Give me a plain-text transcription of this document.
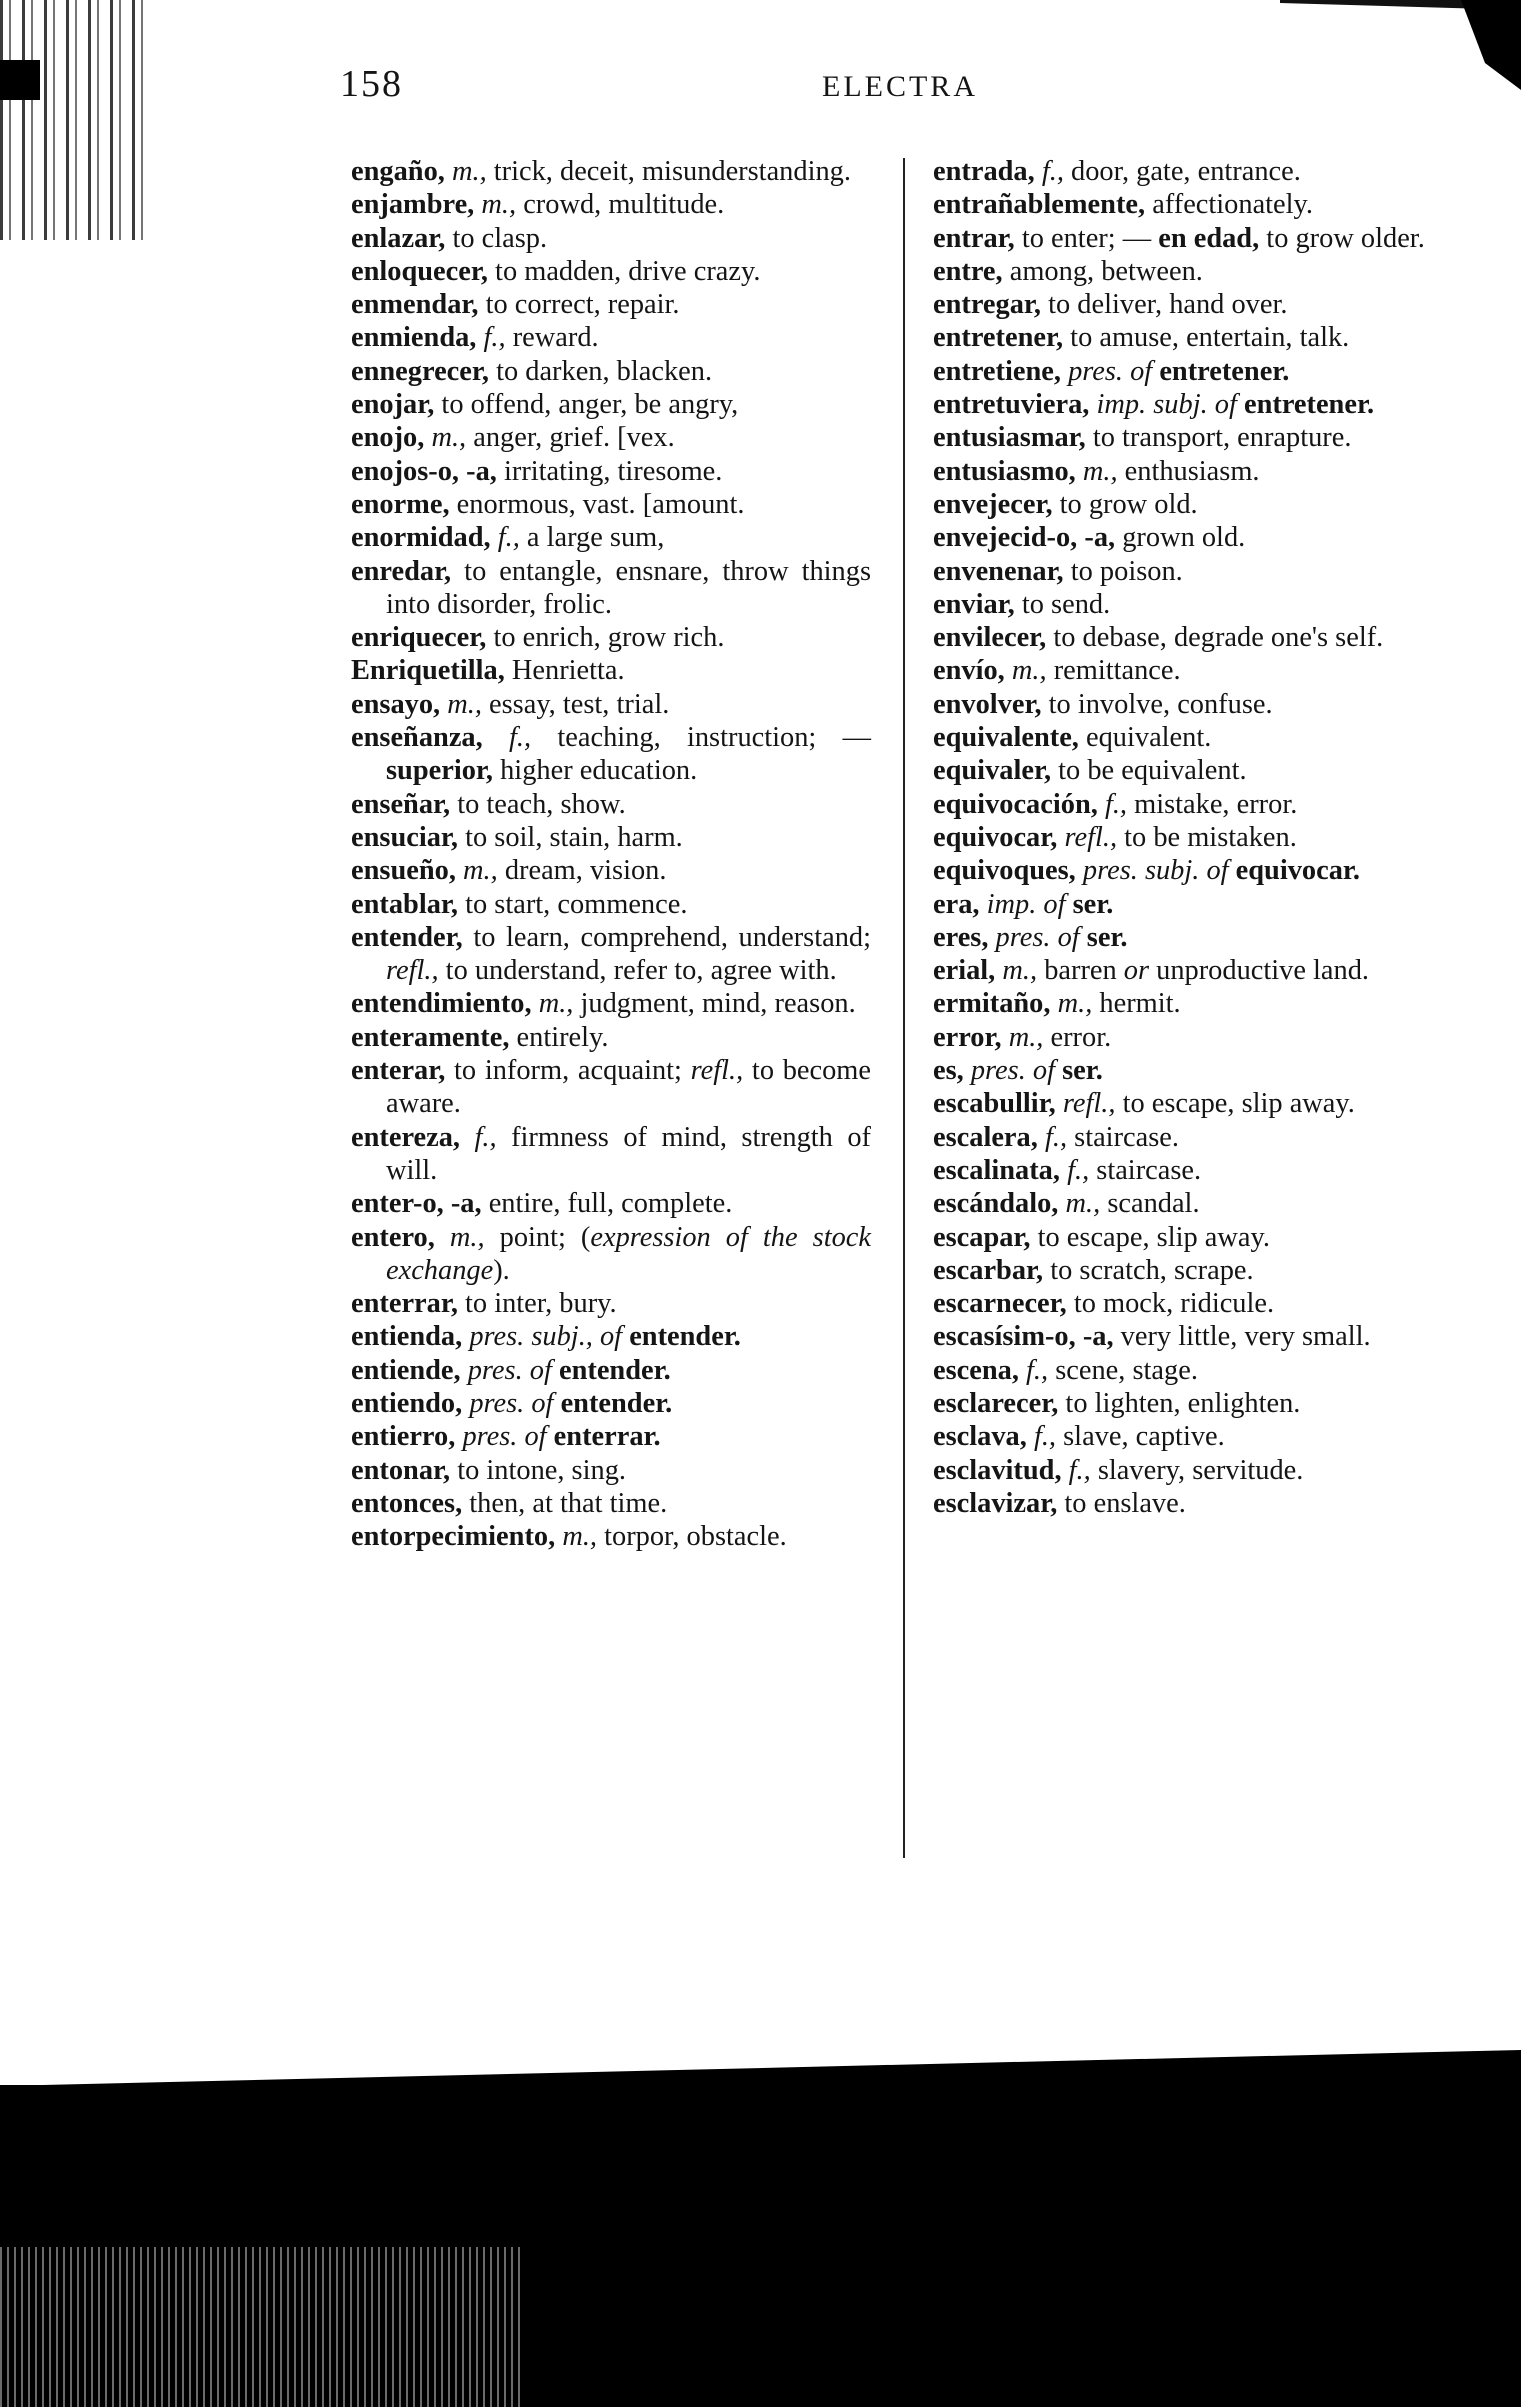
158	ELECTRA

engaño, m., trick, deceit, misunderstanding.

enjambre, m., crowd, multitude.

enlazar, to clasp.

enloquecer, to madden, drive crazy.

enmendar, to correct, repair.

enmienda, f., reward.

ennegrecer, to darken, blacken.

enojar, to offend, anger, be angry,

enojo, m., anger, grief. [vex.

enojos-o, -a, irritating, tiresome.

enorme, enormous, vast. [amount.

enormidad, f., a large sum,

enredar, to entangle, ensnare, throw things into disorder, frolic.

enriquecer, to enrich, grow rich.

Enriquetilla, Henrietta.

ensayo, m., essay, test, trial.

enseñanza, f., teaching, instruction; — superior, higher education.

enseñar, to teach, show.

ensuciar, to soil, stain, harm.

ensueño, m., dream, vision.

entablar, to start, commence.

entender, to learn, comprehend, understand; refl., to understand, refer to, agree with.

entendimiento, m., judgment, mind, reason.

enteramente, entirely.

enterar, to inform, acquaint; refl., to become aware.

entereza, f., firmness of mind, strength of will.

enter-o, -a, entire, full, complete.

entero, m., point; (expression of the stock exchange).

enterrar, to inter, bury.

entienda, pres. subj., of entender.

entiende, pres. of entender.

entiendo, pres. of entender.

entierro, pres. of enterrar.

entonar, to intone, sing.

entonces, then, at that time.

entorpecimiento, m., torpor, obstacle.

entrada, f., door, gate, entrance.

entrañablemente, affectionately.

entrar, to enter; — en edad, to grow older.

entre, among, between.

entregar, to deliver, hand over.

entretener, to amuse, entertain, talk.

entretiene, pres. of entretener.

entretuviera, imp. subj. of entretener.

entusiasmar, to transport, enrapture.

entusiasmo, m., enthusiasm.

envejecer, to grow old.

envejecid-o, -a, grown old.

envenenar, to poison.

enviar, to send.

envilecer, to debase, degrade one's self.

envío, m., remittance.

envolver, to involve, confuse.

equivalente, equivalent.

equivaler, to be equivalent.

equivocación, f., mistake, error.

equivocar, refl., to be mistaken.

equivoques, pres. subj. of equivocar.

era, imp. of ser.

eres, pres. of ser.

erial, m., barren or unproductive land.

ermitaño, m., hermit.

error, m., error.

es, pres. of ser.

escabullir, refl., to escape, slip away.

escalera, f., staircase.

escalinata, f., staircase.

escándalo, m., scandal.

escapar, to escape, slip away.

escarbar, to scratch, scrape.

escarnecer, to mock, ridicule.

escasísim-o, -a, very little, very small.

escena, f., scene, stage.

esclarecer, to lighten, enlighten.

esclava, f., slave, captive.

esclavitud, f., slavery, servitude.

esclavizar, to enslave.
